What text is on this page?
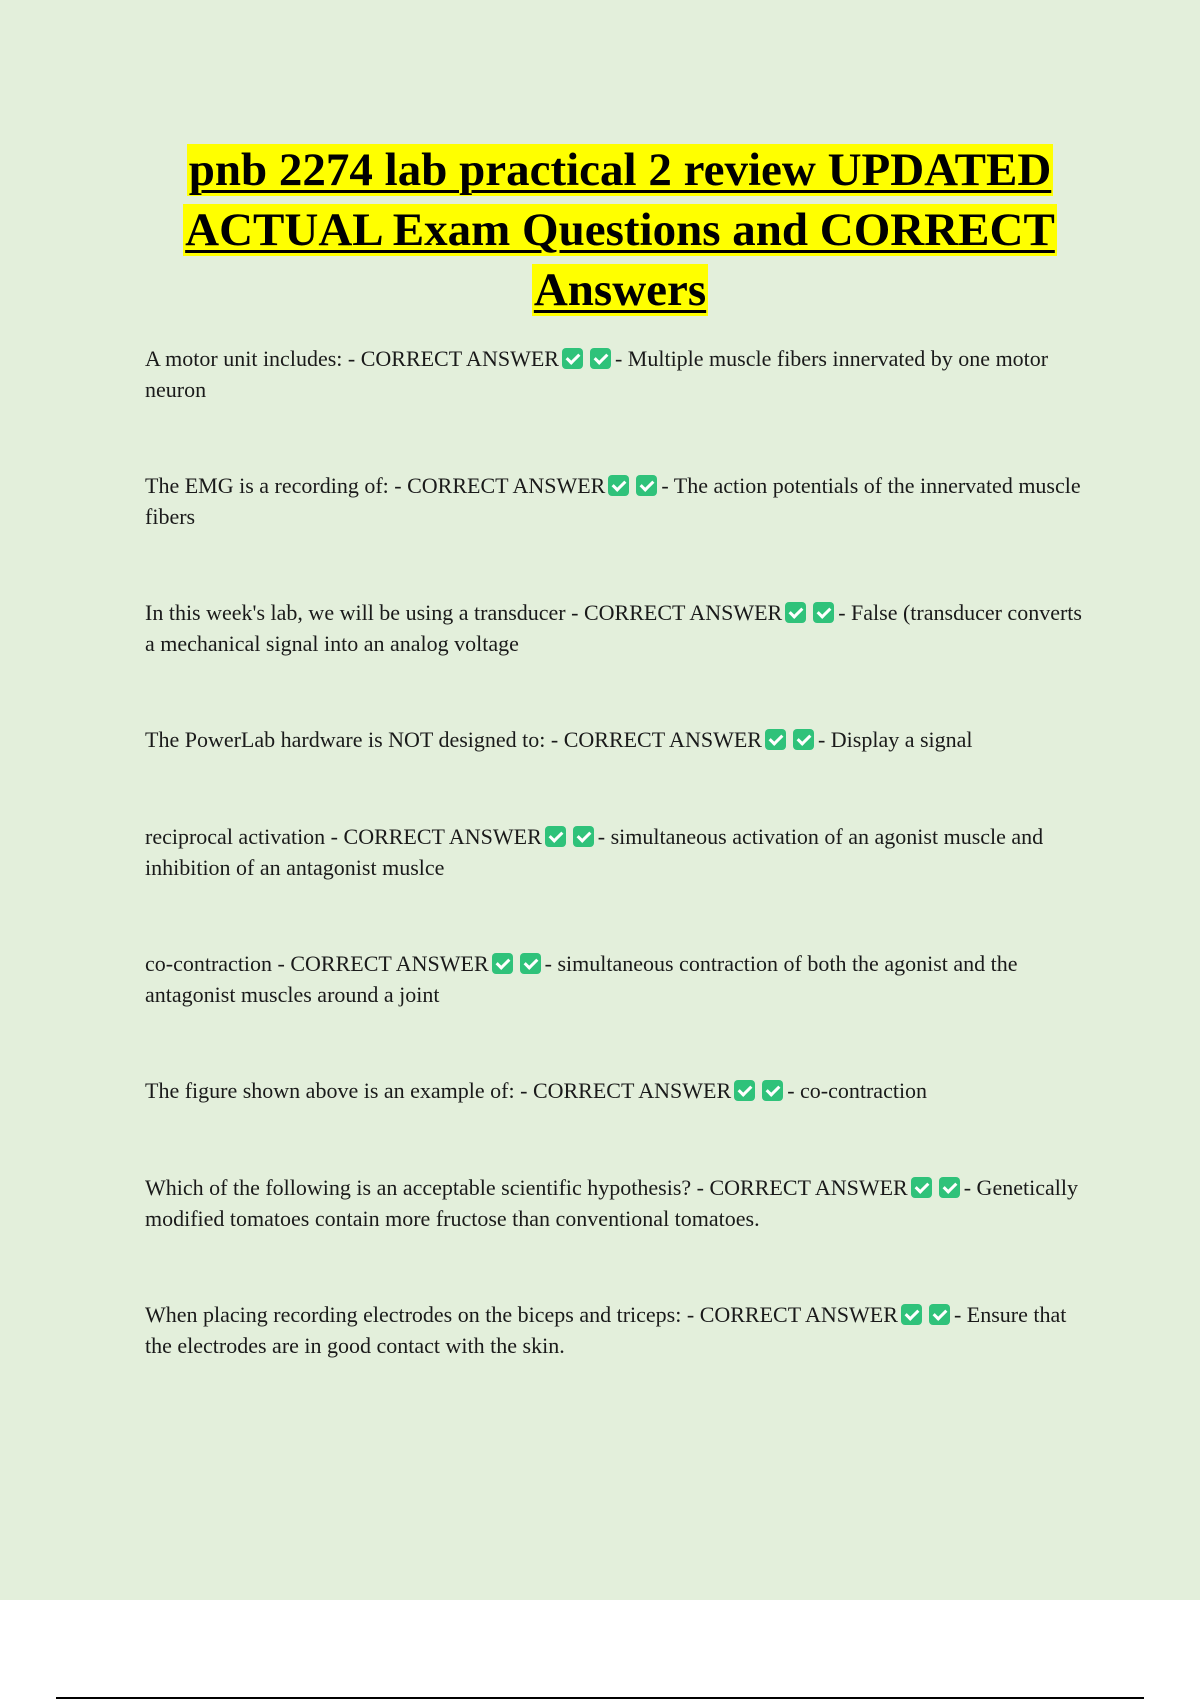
pnb 2274 lab practical 2 review UPDATED ACTUAL Exam Questions and CORRECT Answers
A motor unit includes: - CORRECT ANSWER	- Multiple muscle fibers innervated by one motor neuron
The EMG is a recording of: - CORRECT ANSWER	- The action potentials of the innervated muscle fibers
In this week's lab, we will be using a transducer - CORRECT ANSWER	- False (transducer converts a mechanical signal into an analog voltage
The PowerLab hardware is NOT designed to: - CORRECT ANSWER	- Display a signal
reciprocal activation - CORRECT ANSWER	- simultaneous activation of an agonist muscle and inhibition of an antagonist muslce
co-contraction - CORRECT ANSWER	- simultaneous contraction of both the agonist and the antagonist muscles around a joint
The figure shown above is an example of: - CORRECT ANSWER	- co-contraction
Which of the following is an acceptable scientific hypothesis? - CORRECT ANSWER	- Genetically modified tomatoes contain more fructose than conventional tomatoes.
When placing recording electrodes on the biceps and triceps: - CORRECT ANSWER	- Ensure that the electrodes are in good contact with the skin.
